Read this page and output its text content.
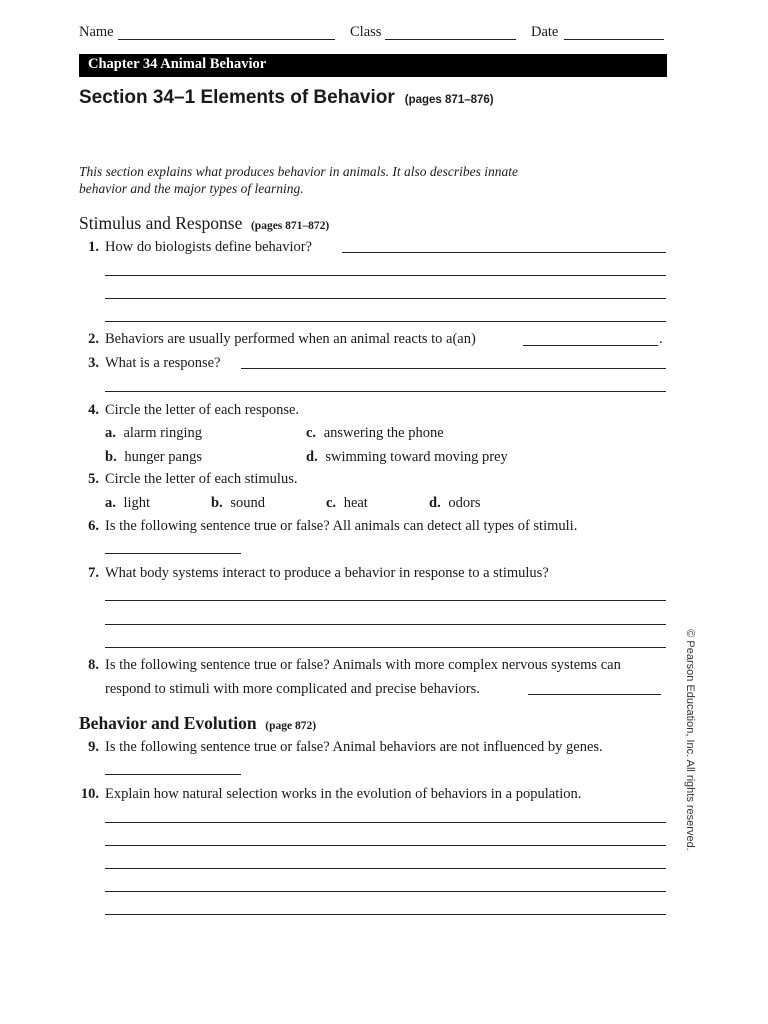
Name	Class	Date
Chapter 34 Animal Behavior
Section 34–1 Elements of Behavior (pages 871–876)
This section explains what produces behavior in animals. It also describes innate behavior and the major types of learning.
Stimulus and Response (pages 871–872)
1. How do biologists define behavior?
2. Behaviors are usually performed when an animal reacts to a(an)	.
3. What is a response?
4. Circle the letter of each response.
a. alarm ringing	c. answering the phone
b. hunger pangs	d. swimming toward moving prey
5. Circle the letter of each stimulus.
a. light	b. sound	c. heat	d. odors
6. Is the following sentence true or false? All animals can detect all types of stimuli.
7. What body systems interact to produce a behavior in response to a stimulus?
8. Is the following sentence true or false? Animals with more complex nervous systems can
respond to stimuli with more complicated and precise behaviors.
Behavior and Evolution (page 872)
9. Is the following sentence true or false? Animal behaviors are not influenced by genes.
10. Explain how natural selection works in the evolution of behaviors in a population.	© Pearson Education, Inc. All rights reserved.
